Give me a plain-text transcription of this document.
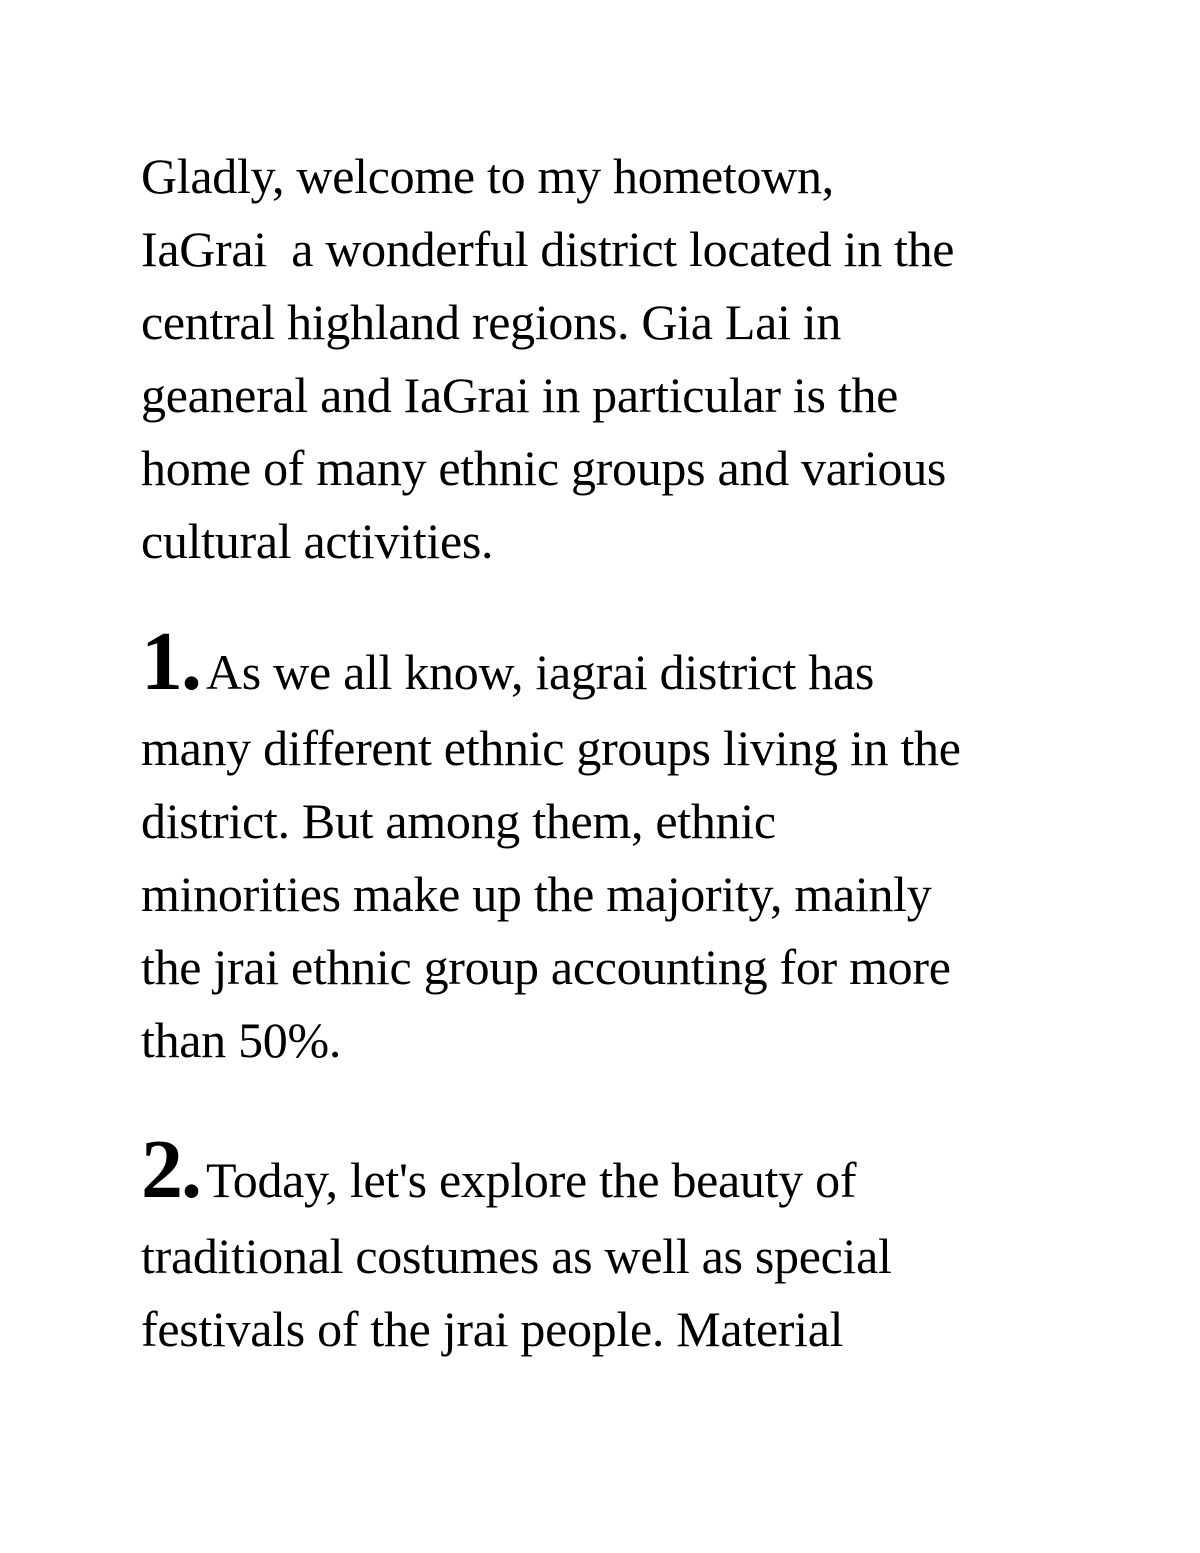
Gladly, welcome to my hometown,
IaGrai  a wonderful district located in the
central highland regions. Gia Lai in
geaneral and IaGrai in particular is the
home of many ethnic groups and various
cultural activities.
1. As we all know, iagrai district has
many different ethnic groups living in the
district. But among them, ethnic
minorities make up the majority, mainly
the jrai ethnic group accounting for more
than 50%.
2. Today, let's explore the beauty of
traditional costumes as well as special
festivals of the jrai people. Material
